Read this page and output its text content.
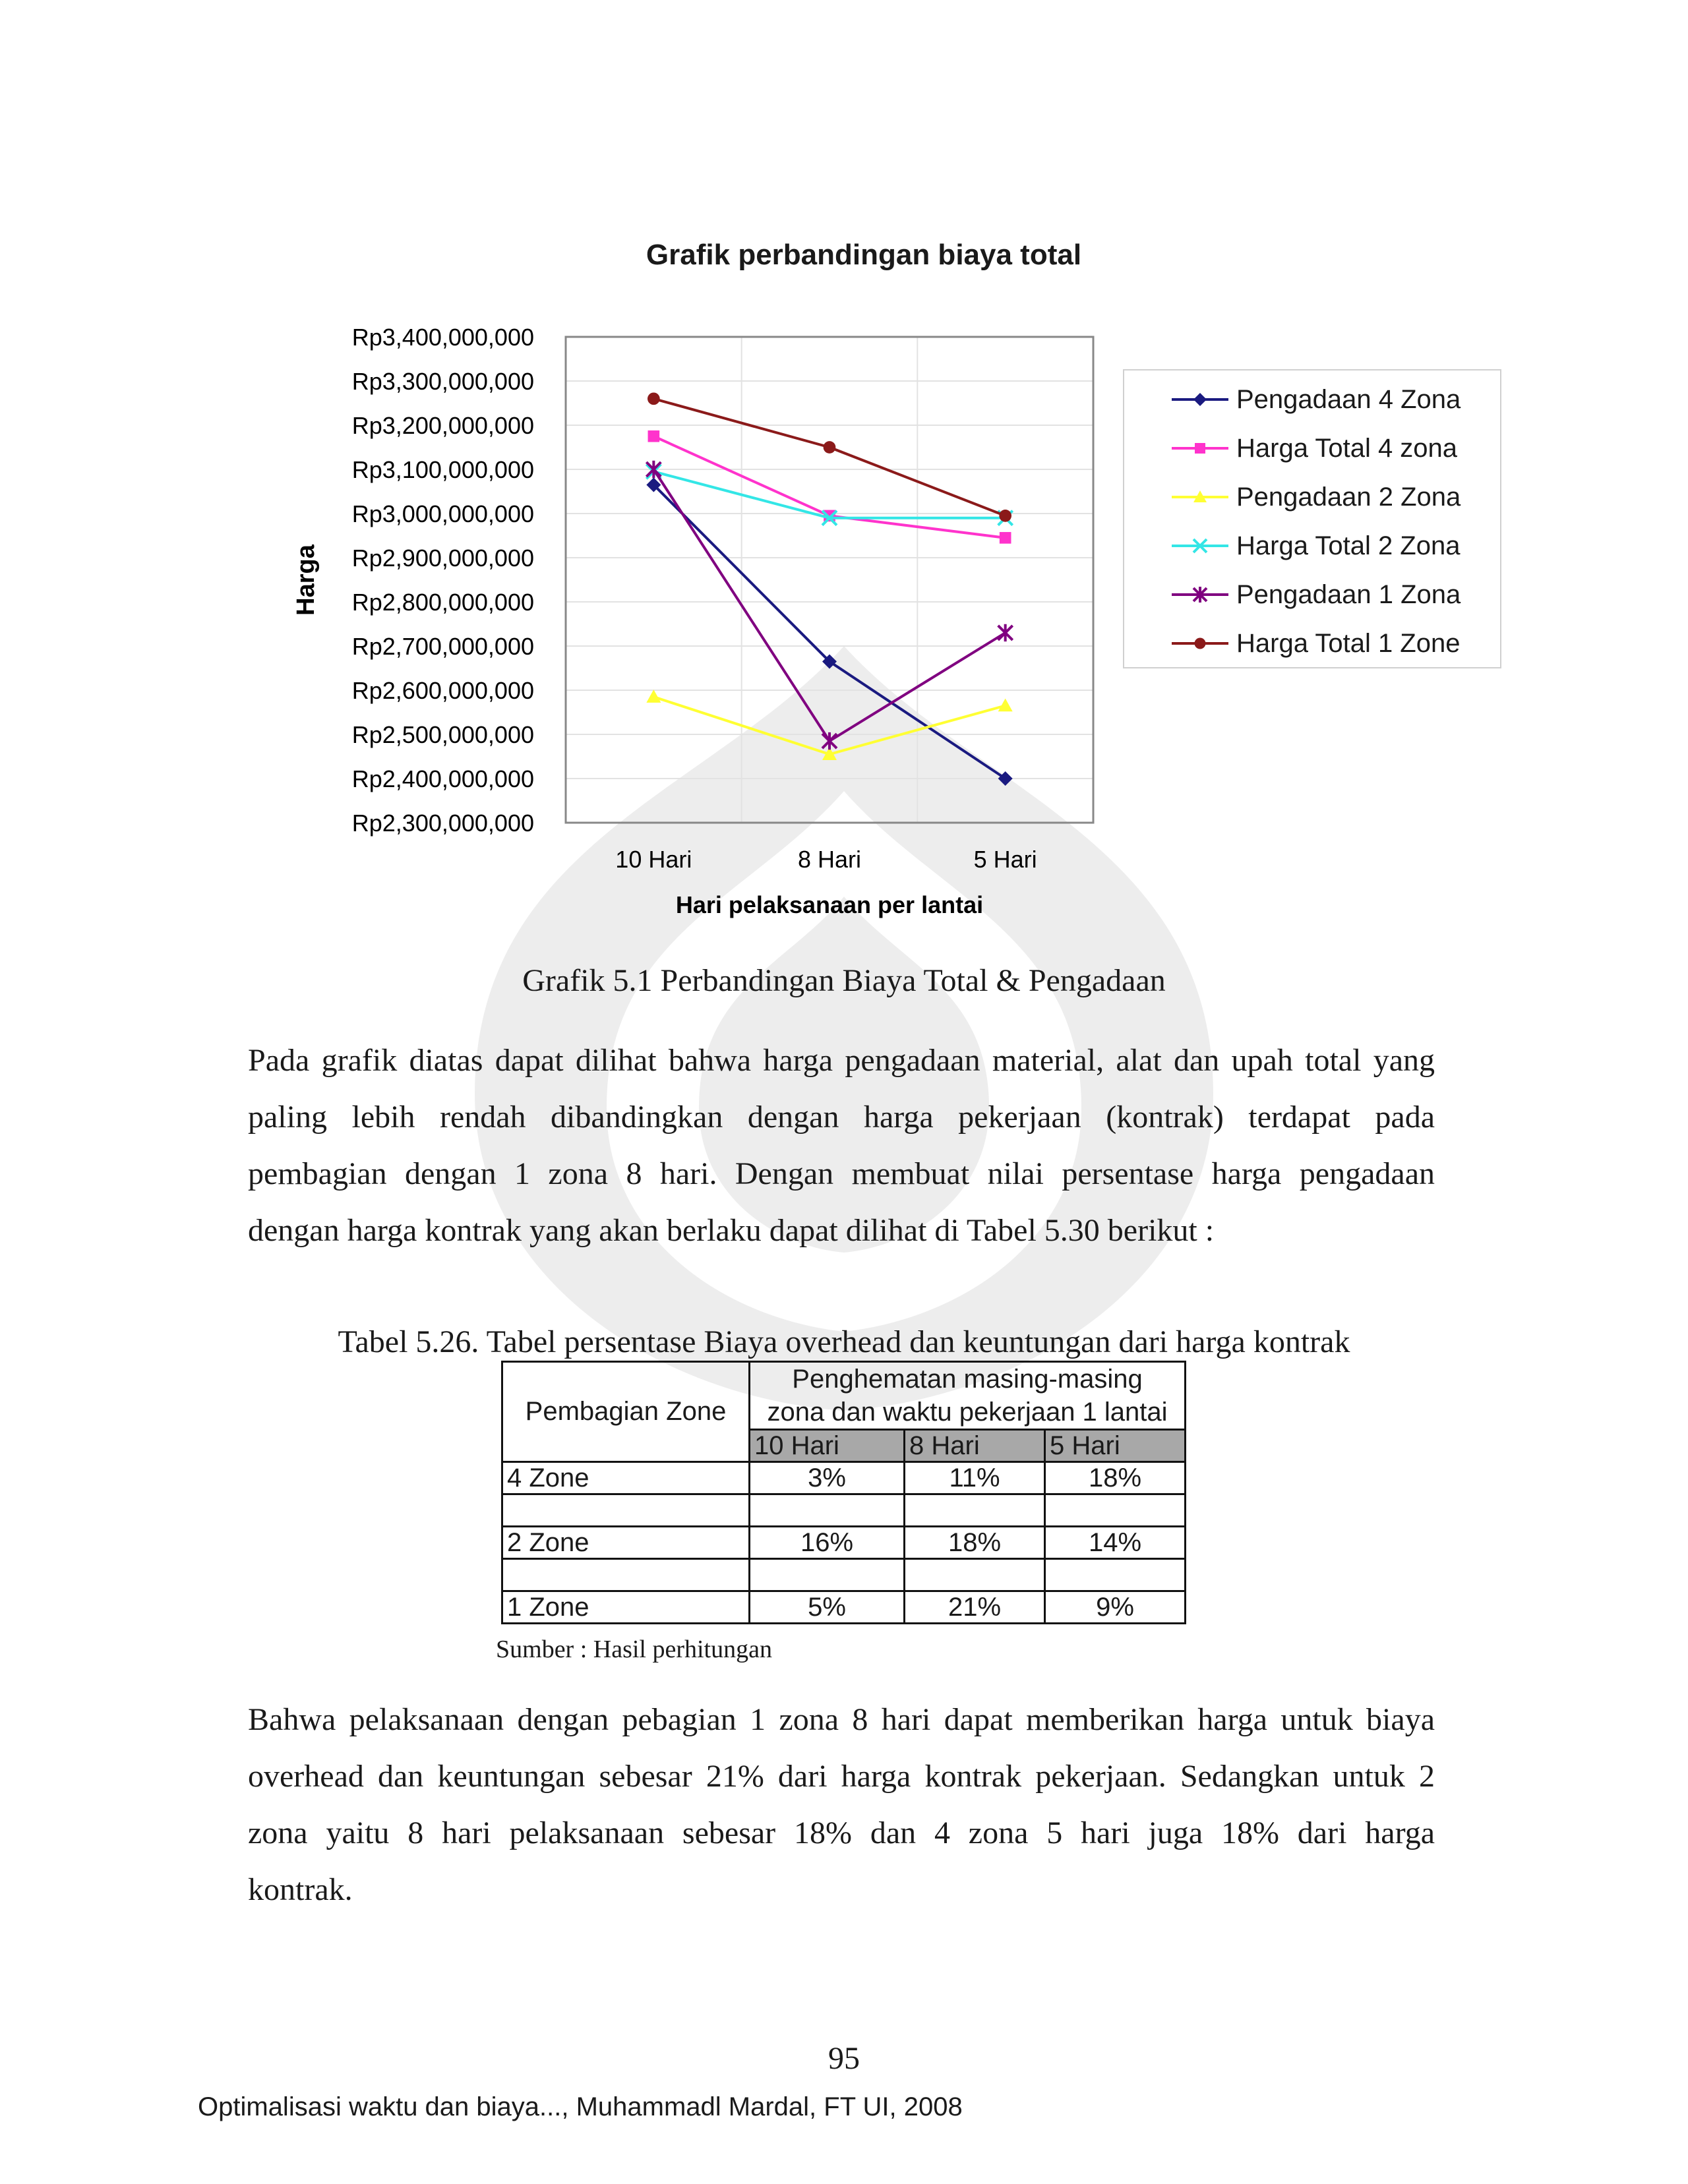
Grafik perbandingan biaya total
Rp2,300,000,000
Rp2,400,000,000
Rp2,500,000,000
Rp2,600,000,000
Rp2,700,000,000
Rp2,800,000,000
Rp2,900,000,000
Rp3,000,000,000
Rp3,100,000,000
Rp3,200,000,000
Rp3,300,000,000
Rp3,400,000,000
10 Hari	8 Hari	5 Hari
Harga
Hari pelaksanaan per lantai
Pengadaan 4 Zona
Harga Total 4 zona
Pengadaan 2 Zona
Harga Total 2 Zona
Pengadaan 1 Zona
Harga Total 1 Zone
Grafik 5.1 Perbandingan Biaya Total & Pengadaan
Pada grafik diatas dapat dilihat bahwa harga pengadaan material, alat dan upah total yang
paling lebih rendah dibandingkan dengan harga pekerjaan (kontrak) terdapat pada
pembagian dengan 1 zona 8 hari. Dengan membuat nilai persentase harga pengadaan
dengan harga kontrak yang akan berlaku dapat dilihat di Tabel 5.30 berikut :
Tabel 5.26. Tabel persentase Biaya overhead dan keuntungan dari harga kontrak
Pembagian Zone	Penghematan masing-masing
zona dan waktu pekerjaan 1 lantai		

	10 Hari	8 Hari	5 Hari
4 Zone	3%	11%	18%

2 Zone	16%	18%	14%

1 Zone	5%	21%	9%
Sumber : Hasil perhitungan
Bahwa pelaksanaan dengan pebagian 1 zona 8 hari dapat memberikan harga untuk biaya
overhead dan keuntungan sebesar 21% dari harga kontrak pekerjaan. Sedangkan untuk 2
zona yaitu 8 hari pelaksanaan sebesar 18% dan 4 zona 5 hari juga 18% dari harga
kontrak.
95
Optimalisasi waktu dan biaya..., Muhammadl Mardal, FT UI, 2008
